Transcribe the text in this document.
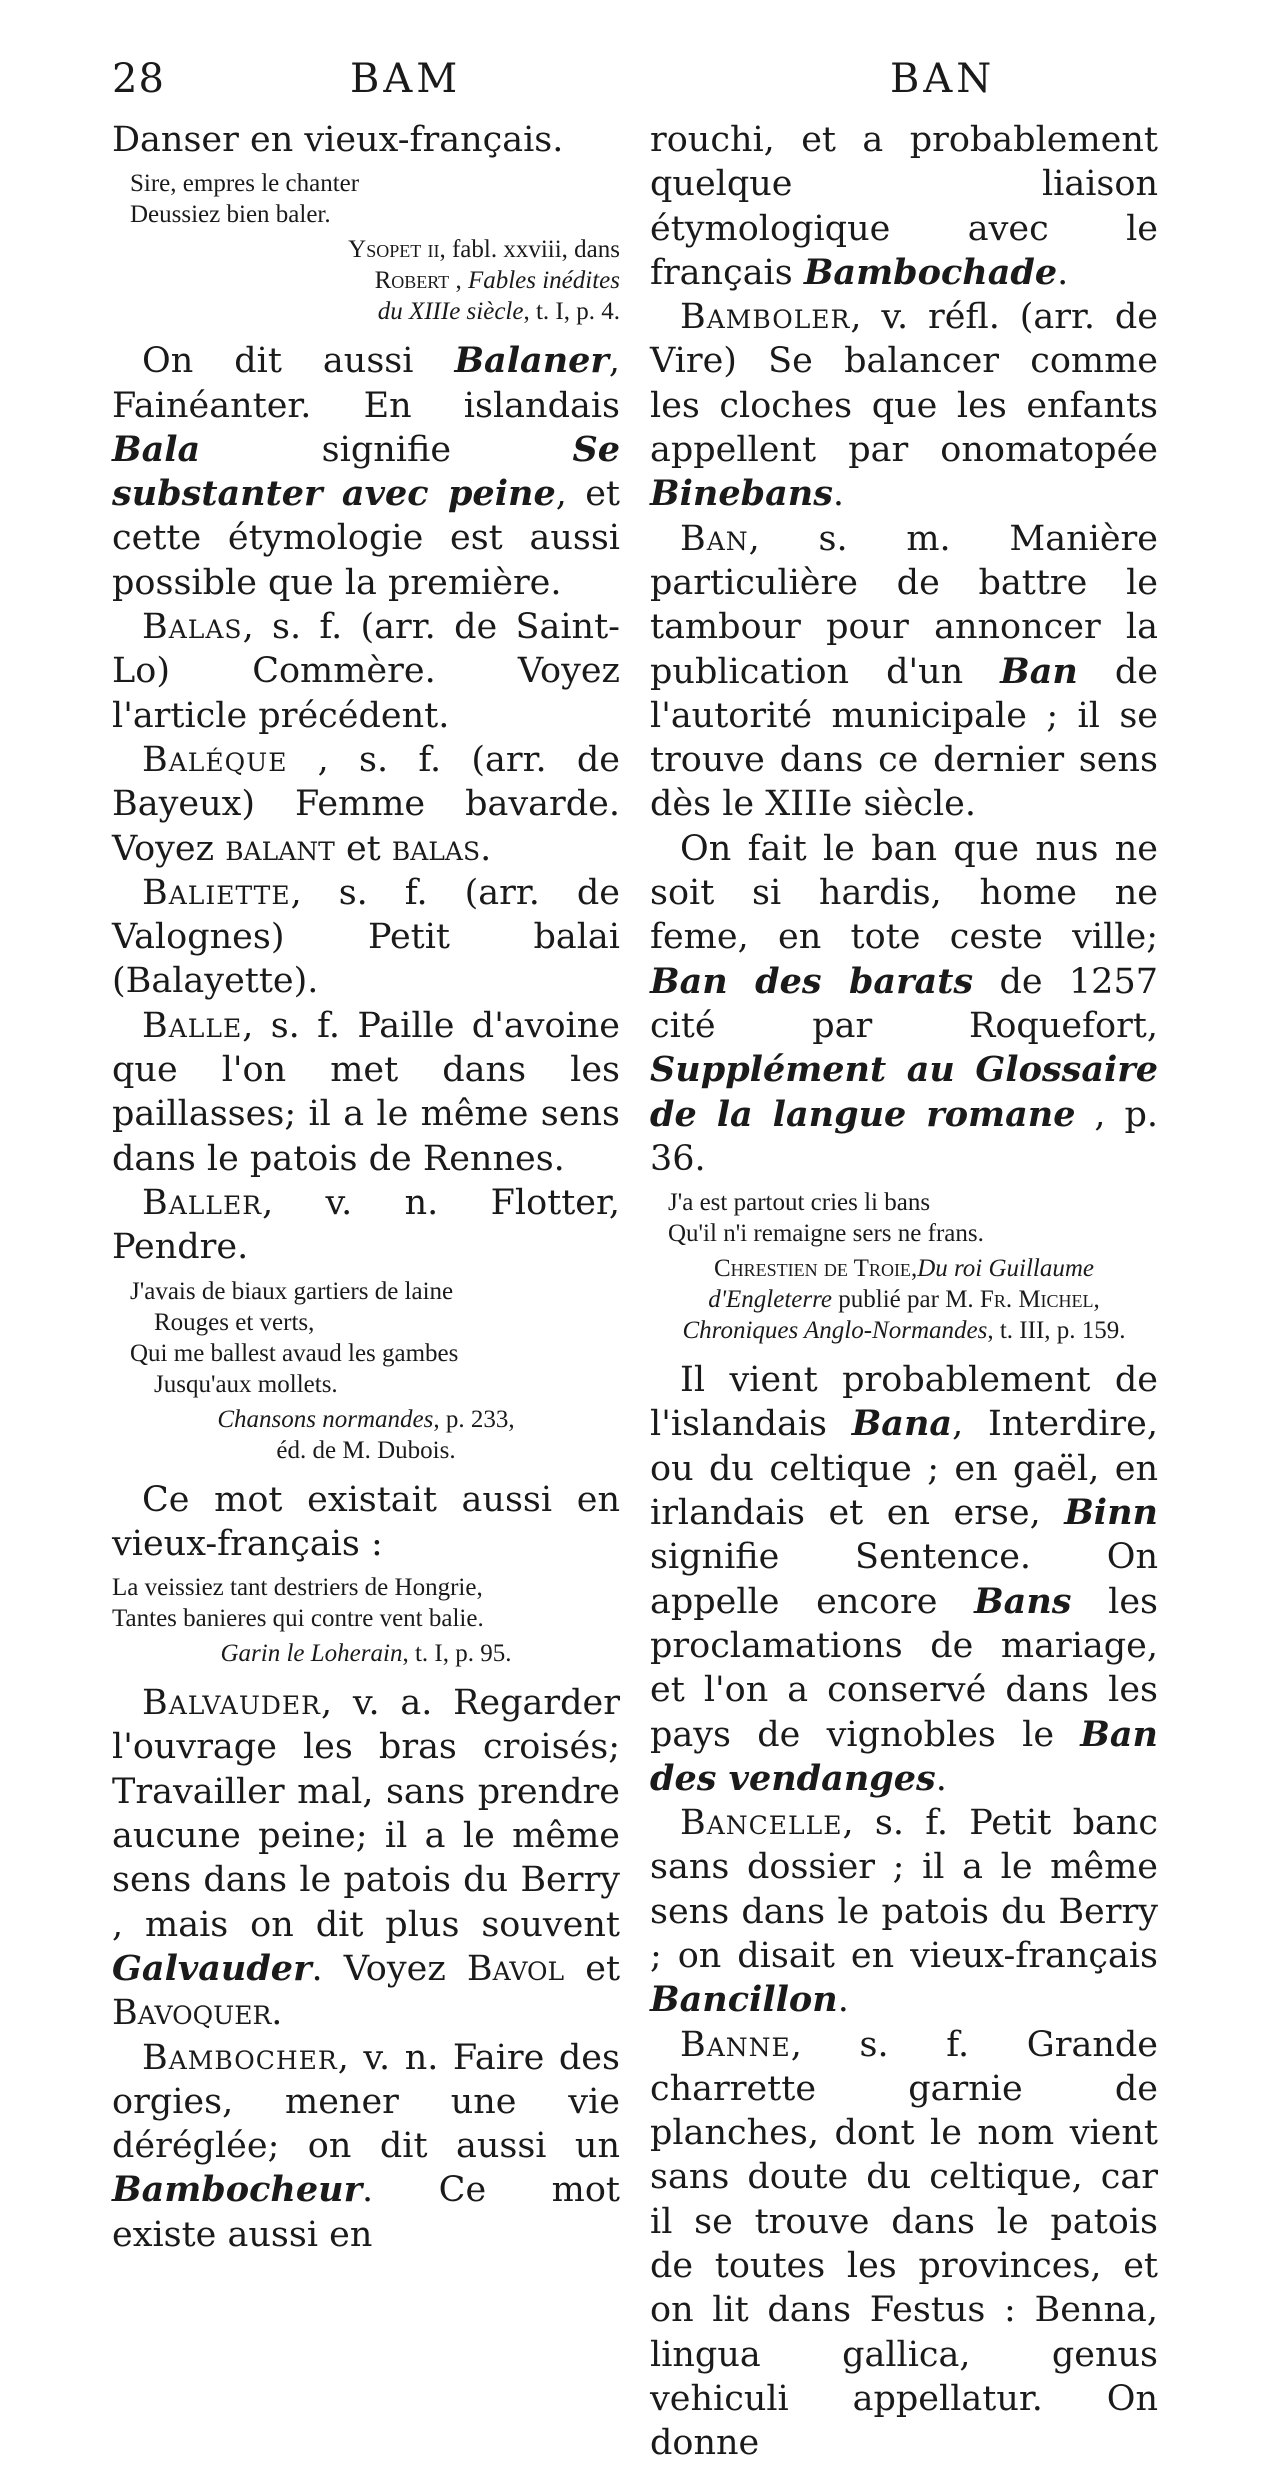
28	BAM	BAN

Danser en vieux-français.

Sire, empres le chanter
Deussiez bien baler.
Ysopet ii, fabl. xxviii, dans
Robert , Fables inédites
du XIIIe siècle, t. I, p. 4.

On dit aussi Balaner, Fainéanter. En islandais Bala signifie Se substanter avec peine, et cette étymologie est aussi possible que la première.

Balas, s. f. (arr. de Saint-Lo) Commère. Voyez l'article précédent.

Baléque , s. f. (arr. de Bayeux) Femme bavarde. Voyez balant et balas.

Baliette, s. f. (arr. de Valognes) Petit balai (Balayette).

Balle, s. f. Paille d'avoine que l'on met dans les paillasses; il a le même sens dans le patois de Rennes.

Baller, v. n. Flotter, Pendre.

J'avais de biaux gartiers de laine
Rouges et verts,
Qui me ballest avaud les gambes
Jusqu'aux mollets.
Chansons normandes, p. 233,
éd. de M. Dubois.

Ce mot existait aussi en vieux-français :

La veissiez tant destriers de Hongrie,
Tantes banieres qui contre vent balie.
Garin le Loherain, t. I, p. 95.

Balvauder, v. a. Regarder l'ouvrage les bras croisés; Travailler mal, sans prendre aucune peine; il a le même sens dans le patois du Berry , mais on dit plus souvent Galvauder. Voyez Bavol et Bavoquer.

Bambocher, v. n. Faire des orgies, mener une vie déréglée; on dit aussi un Bambocheur. Ce mot existe aussi en

rouchi, et a probablement quelque liaison étymologique avec le français Bambochade.

Bamboler, v. réfl. (arr. de Vire) Se balancer comme les cloches que les enfants appellent par onomatopée Binebans.

Ban, s. m. Manière particulière de battre le tambour pour annoncer la publication d'un Ban de l'autorité municipale ; il se trouve dans ce dernier sens dès le XIIIe siècle.

On fait le ban que nus ne soit si hardis, home ne feme, en tote ceste ville; Ban des barats de 1257 cité par Roquefort, Supplément au Glossaire de la langue romane , p. 36.

J'a est partout cries li bans
Qu'il n'i remaigne sers ne frans.
Chrestien de Troie,Du roi Guillaume d'Engleterre publié par M. Fr. Michel, Chroniques Anglo-Normandes, t. III, p. 159.

Il vient probablement de l'islandais Bana, Interdire, ou du celtique ; en gaël, en irlandais et en erse, Binn signifie Sentence. On appelle encore Bans les proclamations de mariage, et l'on a conservé dans les pays de vignobles le Ban des vendanges.

Bancelle, s. f. Petit banc sans dossier ; il a le même sens dans le patois du Berry ; on disait en vieux-français Bancillon.

Banne, s. f. Grande charrette garnie de planches, dont le nom vient sans doute du celtique, car il se trouve dans le patois de toutes les provinces, et on lit dans Festus : Benna, lingua gallica, genus vehiculi appellatur. On donne
